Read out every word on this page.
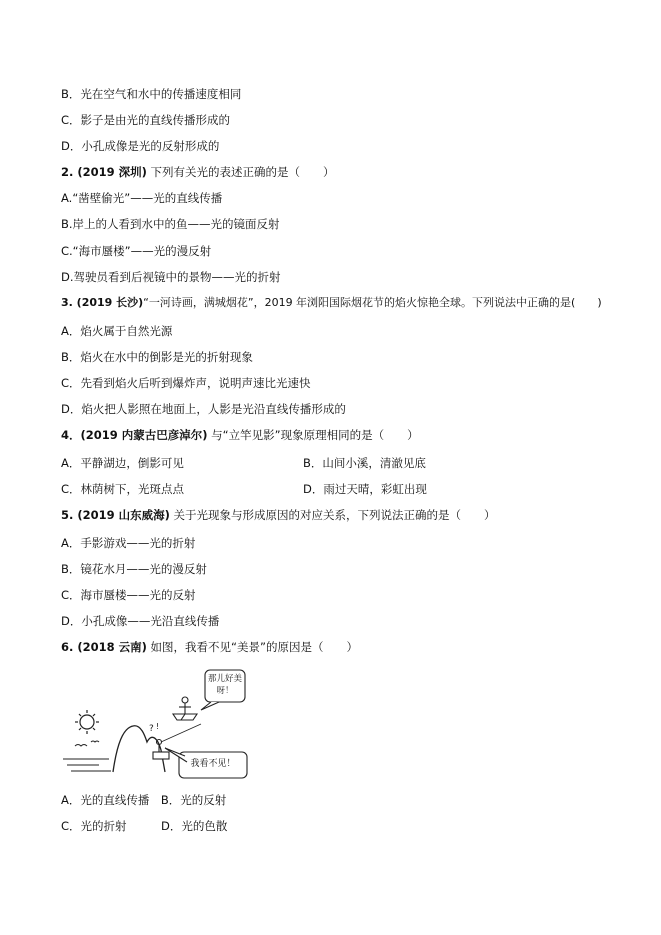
B．光在空气和水中的传播速度相同
C．影子是由光的直线传播形成的
D．小孔成像是光的反射形成的
2. (2019 深圳) 下列有关光的表述正确的是（　　）
A.“凿壁偷光”——光的直线传播
B.岸上的人看到水中的鱼——光的镜面反射
C.“海市蜃楼”——光的漫反射
D.驾驶员看到后视镜中的景物——光的折射
3. (2019 长沙)“一河诗画，满城烟花”，2019 年浏阳国际烟花节的焰火惊艳全球。下列说法中正确的是(　　)
A．焰火属于自然光源
B．焰火在水中的倒影是光的折射现象
C．先看到焰火后听到爆炸声，说明声速比光速快
D．焰火把人影照在地面上，人影是光沿直线传播形成的
4．(2019 内蒙古巴彦淖尔) 与“立竿见影”现象原理相同的是（　　）
A．平静湖边，倒影可见	B．山间小溪，清澈见底
C．林荫树下，光斑点点	D．雨过天晴，彩虹出现
5. (2019 山东威海) 关于光现象与形成原因的对应关系，下列说法正确的是（　　）
A．手影游戏——光的折射
B．镜花水月——光的漫反射
C．海市蜃楼——光的反射
D．小孔成像——光沿直线传播
6. (2018 云南) 如图，我看不见“美景”的原因是（　　）
? !
那儿好美呀！
我看不见！
A．光的直线传播　B．光的反射
C．光的折射　　　D．光的色散
